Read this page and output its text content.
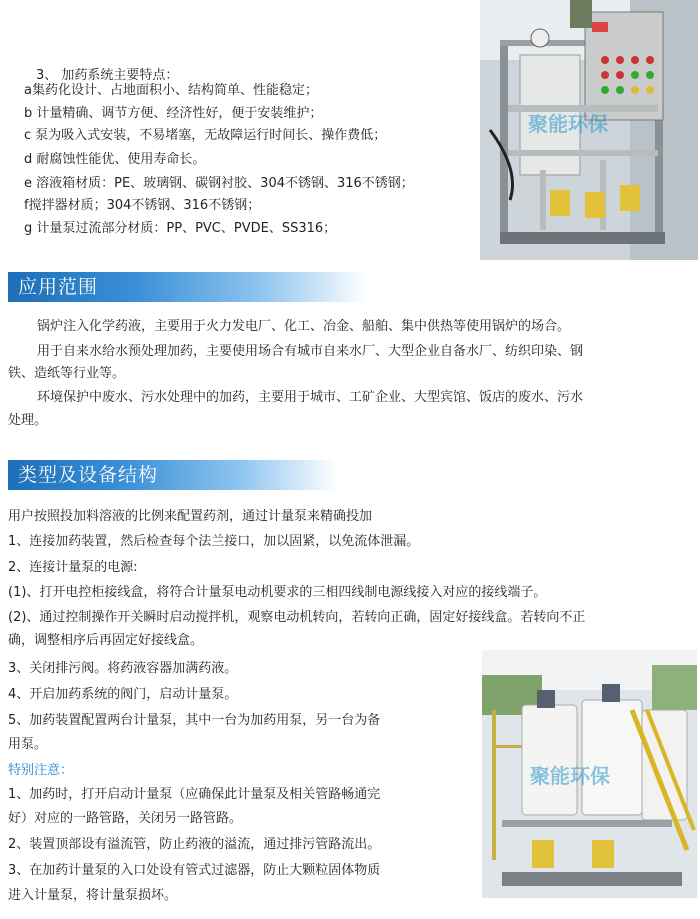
3、 加药系统主要特点：
a集药化设计、占地面积小、结构简单、性能稳定；
b 计量精确、调节方便、经济性好，便于安装维护；
c 泵为吸入式安装，不易堵塞，无故障运行时间长、操作费低；
d 耐腐蚀性能优、使用寿命长。
e 溶液箱材质：PE、玻璃钢、碳钢衬胶、304不锈钢、316不锈钢；
f搅拌器材质；304不锈钢、316不锈钢；
g 计量泵过流部分材质：PP、PVC、PVDE、SS316；
聚能环保
应用范围
锅炉注入化学药液，主要用于火力发电厂、化工、冶金、船舶、集中供热等使用锅炉的场合。
用于自来水给水预处理加药，主要使用场合有城市自来水厂、大型企业自备水厂、纺织印染、钢
铁、造纸等行业等。
环境保护中废水、污水处理中的加药，主要用于城市、工矿企业、大型宾馆、饭店的废水、污水
处理。
类型及设备结构
用户按照投加料溶液的比例来配置药剂，通过计量泵来精确投加
1、连接加药装置，然后检查每个法兰接口，加以固紧，以免流体泄漏。
2、连接计量泵的电源:
(1)、打开电控柜接线盒，将符合计量泵电动机要求的三相四线制电源线接入对应的接线端子。
(2)、通过控制操作开关瞬时启动搅拌机，观察电动机转向，若转向正确，固定好接线盒。若转向不正
确，调整相序后再固定好接线盒。
3、关闭排污阀。将药液容器加满药液。
4、开启加药系统的阀门，启动计量泵。
5、加药装置配置两台计量泵，其中一台为加药用泵，另一台为备
用泵。
特别注意：
1、加药时，打开启动计量泵（应确保此计量泵及相关管路畅通完
好）对应的一路管路，关闭另一路管路。
2、装置顶部设有溢流管，防止药液的溢流，通过排污管路流出。
3、在加药计量泵的入口处设有管式过滤器，防止大颗粒固体物质
进入计量泵，将计量泵损坏。
聚能环保
